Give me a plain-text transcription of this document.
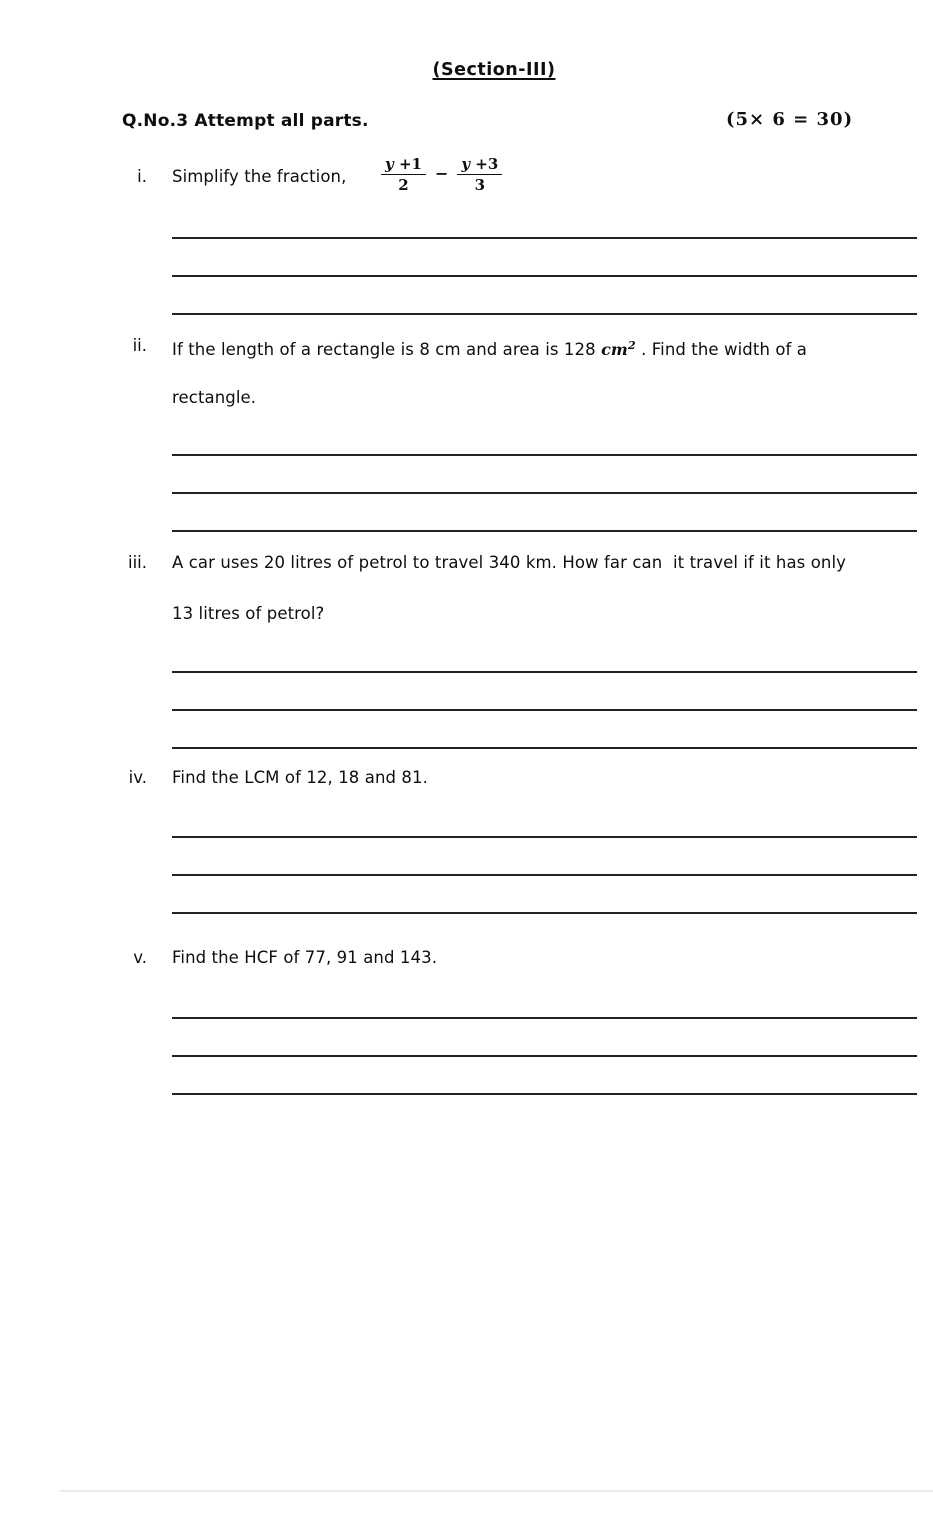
(Section-III)
Q.No.3 Attempt all parts.	(5× 6 = 30)
i. Simplify the fraction, $\frac{y +1}{2} - \frac{y +3}{3}$
ii. If the length of a rectangle is 8 cm and area is 128 $cm^2$ . Find the width of a
rectangle.
iii. A car uses 20 litres of petrol to travel 340 km. How far can  it travel if it has only
13 litres of petrol?
iv. Find the LCM of 12, 18 and 81.
v. Find the HCF of 77, 91 and 143.
